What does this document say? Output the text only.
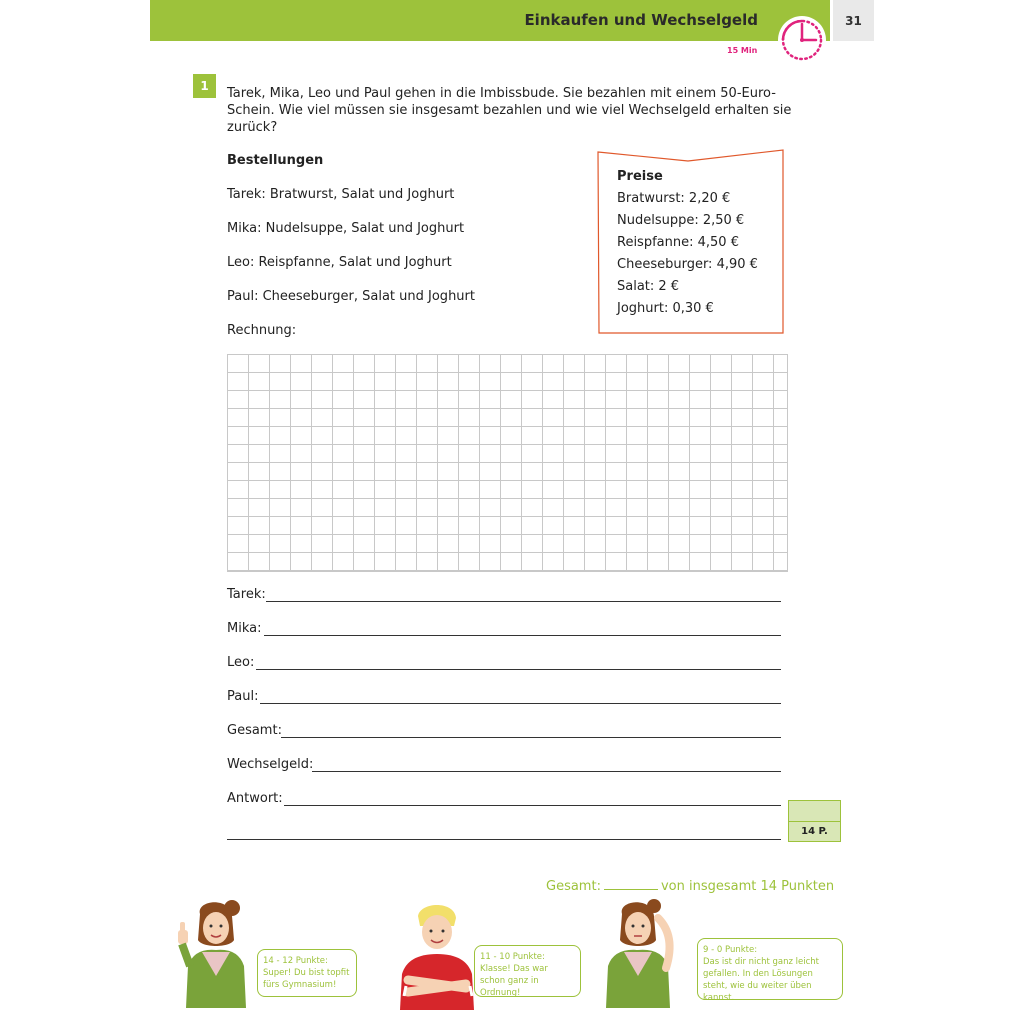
Einkaufen und Wechselgeld	31
15 Min
1	Tarek, Mika, Leo und Paul gehen in die Imbissbude. Sie bezahlen mit einem 50-Euro-Schein. Wie viel müssen sie insgesamt bezahlen und wie viel Wechselgeld erhalten sie zurück?
Bestellungen
Tarek: Bratwurst, Salat und Joghurt
Mika: Nudelsuppe, Salat und Joghurt
Leo: Reispfanne, Salat und Joghurt
Paul: Cheeseburger, Salat und Joghurt
Rechnung:
Preise
Bratwurst: 2,20 €
Nudelsuppe: 2,50 €
Reispfanne: 4,50 €
Cheeseburger: 4,90 €
Salat: 2 €
Joghurt: 0,30 €
Tarek:
Mika:
Leo:
Paul:
Gesamt:
Wechselgeld:
Antwort:
14 P.
Gesamt:	von insgesamt 14 Punkten
14 - 12 Punkte:
Super! Du bist topfit fürs Gymnasium!
11 - 10 Punkte:
Klasse! Das war schon ganz in Ordnung!
9 - 0 Punkte:
Das ist dir nicht ganz leicht gefallen. In den Lösungen steht, wie du weiter üben kannst.
